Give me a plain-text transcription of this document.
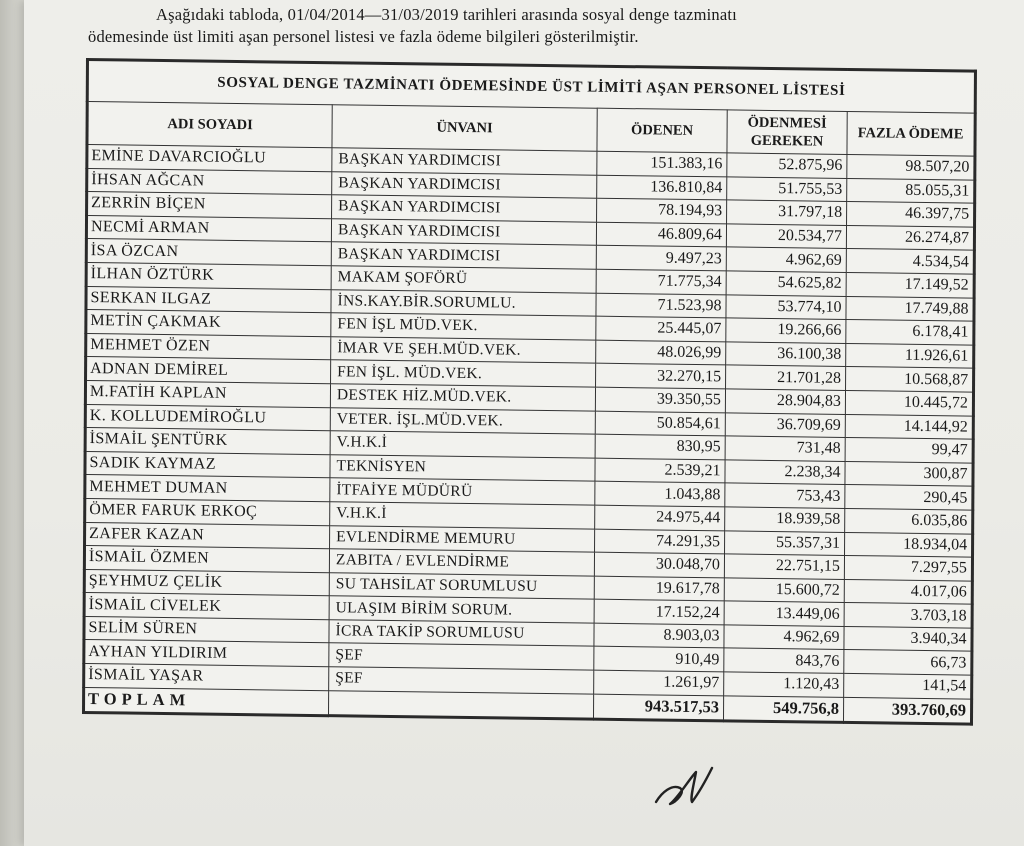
Aşağıdaki tabloda, 01/04/2014—31/03/2019 tarihleri arasında sosyal denge tazminatı

ödemesinde üst limiti aşan personel listesi ve fazla ödeme bilgileri gösterilmiştir.

SOSYAL DENGE TAZMİNATI ÖDEMESİNDE ÜST LİMİTİ AŞAN PERSONEL LİSTESİ				
ADI SOYADI	ÜNVANI	ÖDENEN	ÖDENMESİ GEREKEN	FAZLA ÖDEME
EMİNE DAVARCIOĞLU	BAŞKAN YARDIMCISI	151.383,16	52.875,96	98.507,20
İHSAN AĞCAN	BAŞKAN YARDIMCISI	136.810,84	51.755,53	85.055,31
ZERRİN BİÇEN	BAŞKAN YARDIMCISI	78.194,93	31.797,18	46.397,75
NECMİ ARMAN	BAŞKAN YARDIMCISI	46.809,64	20.534,77	26.274,87
İSA ÖZCAN	BAŞKAN YARDIMCISI	9.497,23	4.962,69	4.534,54
İLHAN ÖZTÜRK	MAKAM ŞOFÖRÜ	71.775,34	54.625,82	17.149,52
SERKAN ILGAZ	İNS.KAY.BİR.SORUMLU.	71.523,98	53.774,10	17.749,88
METİN ÇAKMAK	FEN İŞL MÜD.VEK.	25.445,07	19.266,66	6.178,41
MEHMET ÖZEN	İMAR VE ŞEH.MÜD.VEK.	48.026,99	36.100,38	11.926,61
ADNAN DEMİREL	FEN İŞL. MÜD.VEK.	32.270,15	21.701,28	10.568,87
M.FATİH KAPLAN	DESTEK HİZ.MÜD.VEK.	39.350,55	28.904,83	10.445,72
K. KOLLUDEMİROĞLU	VETER. İŞL.MÜD.VEK.	50.854,61	36.709,69	14.144,92
İSMAİL ŞENTÜRK	V.H.K.İ	830,95	731,48	99,47
SADIK KAYMAZ	TEKNİSYEN	2.539,21	2.238,34	300,87
MEHMET DUMAN	İTFAİYE MÜDÜRÜ	1.043,88	753,43	290,45
ÖMER FARUK ERKOÇ	V.H.K.İ	24.975,44	18.939,58	6.035,86
ZAFER KAZAN	EVLENDİRME MEMURU	74.291,35	55.357,31	18.934,04
İSMAİL ÖZMEN	ZABITA / EVLENDİRME	30.048,70	22.751,15	7.297,55
ŞEYHMUZ ÇELİK	SU TAHSİLAT SORUMLUSU	19.617,78	15.600,72	4.017,06
İSMAİL CİVELEK	ULAŞIM BİRİM SORUM.	17.152,24	13.449,06	3.703,18
SELİM SÜREN	İCRA TAKİP SORUMLUSU	8.903,03	4.962,69	3.940,34
AYHAN YILDIRIM	ŞEF	910,49	843,76	66,73
İSMAİL YAŞAR	ŞEF	1.261,97	1.120,43	141,54
TOPLAM		943.517,53	549.756,8	393.760,69
